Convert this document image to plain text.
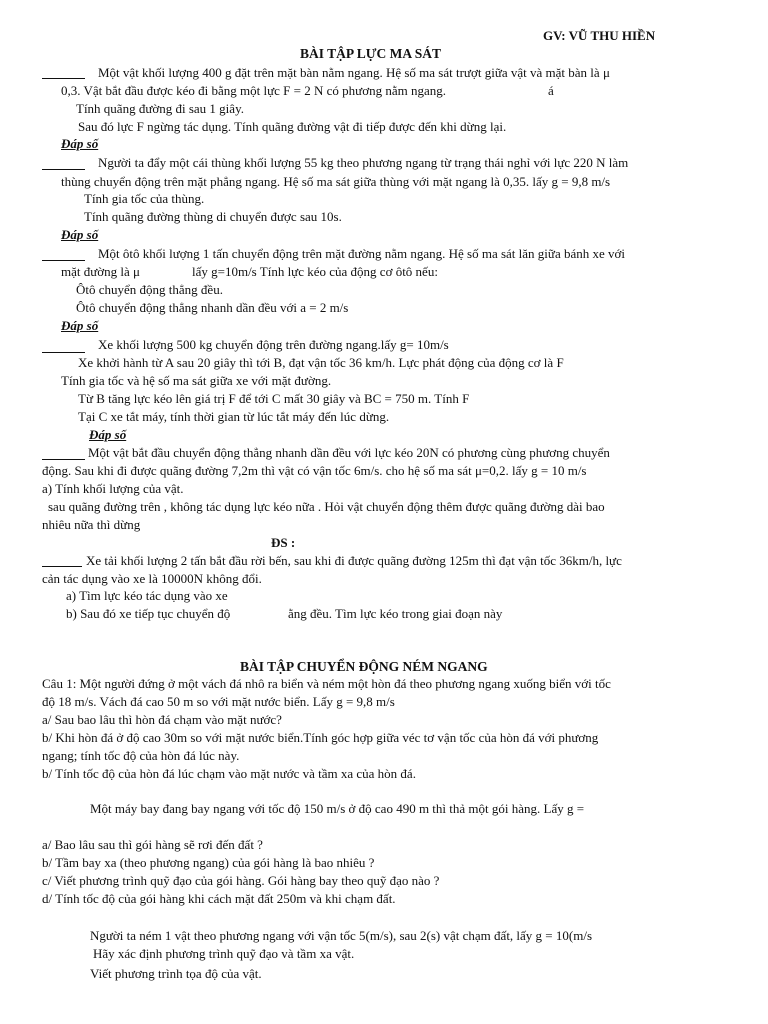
GV: VŨ THU HIỀN
BÀI TẬP LỰC MA SÁT
Một vật khối lượng 400 g đặt trên mặt bàn nằm ngang. Hệ số ma sát trượt giữa vật và mặt bàn là μ
0,3. Vật bắt đầu được kéo đi bằng một lực F = 2 N có phương nằm ngang.	á
Tính quãng đường đi sau 1 giây.
Sau đó lực F ngừng tác dụng. Tính quãng đường vật đi tiếp được đến khi dừng lại.
Đáp số
Người ta đẩy một cái thùng khối lượng 55 kg theo phương ngang từ trạng thái nghỉ với lực 220 N làm
thùng chuyển động trên mặt phẳng ngang. Hệ số ma sát giữa thùng với mặt ngang là 0,35. lấy g = 9,8 m/s
Tính gia tốc của thùng.
Tính quãng đường thùng di chuyển được sau 10s.
Đáp số
Một ôtô khối lượng 1 tấn chuyển động trên mặt đường nằm ngang. Hệ số ma sát lăn giữa bánh xe với
mặt đường là μ	lấy g=10m/s Tính lực kéo của động cơ ôtô nếu:
Ôtô chuyển động thẳng đều.
Ôtô chuyển động thẳng nhanh dần đều với a = 2 m/s
Đáp số
Xe khối lượng 500 kg chuyển động trên đường ngang.lấy g= 10m/s
Xe khởi hành từ A sau 20 giây thì tới B, đạt vận tốc 36 km/h. Lực phát động của động cơ là F
Tính gia tốc và hệ số ma sát giữa xe với mặt đường.
Từ B tăng lực kéo lên giá trị F để tới C mất 30 giây và BC = 750 m. Tính F
Tại C xe tắt máy, tính thời gian từ lúc tắt máy đến lúc dừng.
Đáp số
Một vật bắt đầu chuyển động thẳng nhanh dần đều với lực kéo 20N có phương cùng phương chuyển
động. Sau khi đi được quãng đường 7,2m thì vật có vận tốc 6m/s. cho hệ số ma sát μ=0,2. lấy g = 10 m/s
a) Tính khối lượng của vật.
sau quãng đường trên , không tác dụng lực kéo nữa . Hỏi vật chuyển động thêm được quãng đường dài bao
nhiêu nữa thì dừng
ĐS :
Xe tải khối lượng 2 tấn bắt đầu rời bến, sau khi đi được quãng đường 125m thì đạt vận tốc 36km/h, lực
cản tác dụng vào xe là 10000N không đổi.
a) Tìm lực kéo tác dụng vào xe
b) Sau đó xe tiếp tục chuyển độ	ằng đều. Tìm lực kéo trong giai đoạn này
BÀI TẬP CHUYỂN ĐỘNG NÉM NGANG
Câu 1: Một người đứng ở một vách đá nhô ra biển và ném một hòn đá theo phương ngang xuống biển với tốc
độ 18 m/s. Vách đá cao 50 m so với mặt nước biển. Lấy g = 9,8 m/s
a/ Sau bao lâu thì hòn đá chạm vào mặt nước?
b/ Khi hòn đá ở độ cao 30m so với mặt nước biển.Tính góc hợp giữa véc tơ vận tốc của hòn đá với phương
ngang; tính tốc độ của hòn đá lúc này.
b/ Tính tốc độ của hòn đá lúc chạm vào mặt nước và tầm xa của hòn đá.
Một máy bay đang bay ngang với tốc độ 150 m/s ở độ cao 490 m thì thả một gói hàng. Lấy g =
a/ Bao lâu sau thì gói hàng sẽ rơi đến đất ?
b/ Tầm bay xa (theo phương ngang) của gói hàng là bao nhiêu ?
c/ Viết phương trình quỹ đạo của gói hàng. Gói hàng bay theo quỹ đạo nào ?
d/ Tính tốc độ của gói hàng khi cách mặt đất 250m và khi chạm đất.
Người ta ném 1 vật theo phương ngang với vận tốc 5(m/s), sau 2(s) vật chạm đất, lấy g = 10(m/s
Hãy xác định phương trình quỹ đạo và tầm xa vật.
Viết phương trình tọa độ của vật.
